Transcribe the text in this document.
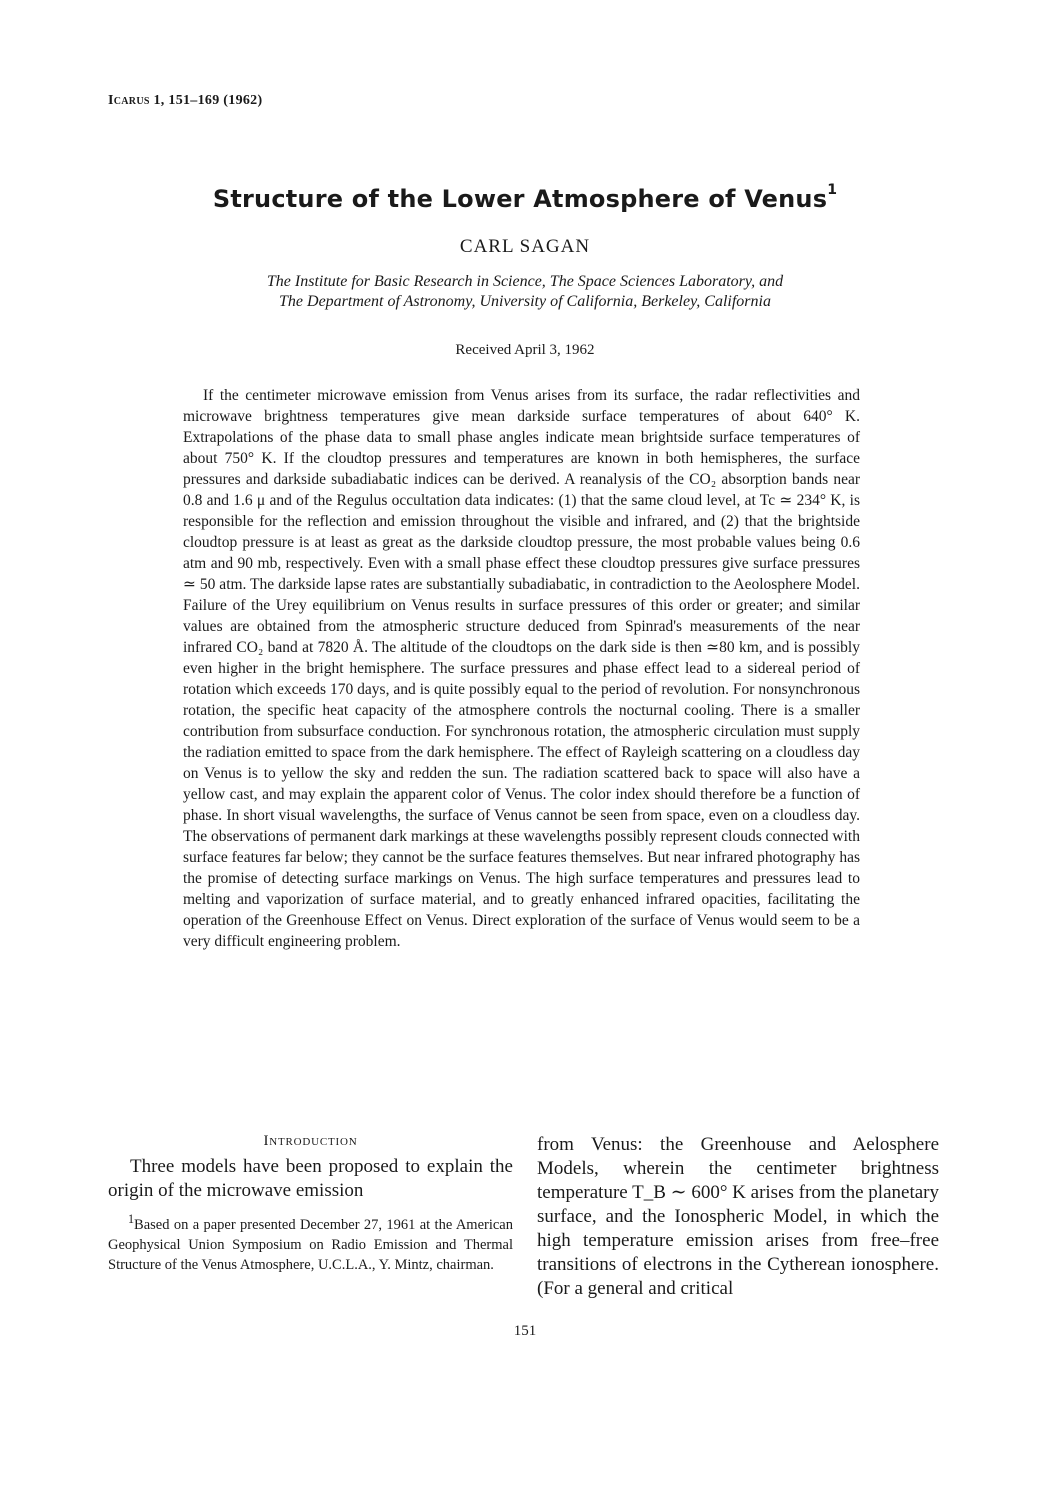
Icarus 1, 151–169 (1962)
Structure of the Lower Atmosphere of Venus$^1$
CARL SAGAN
The Institute for Basic Research in Science, The Space Sciences Laboratory, and
The Department of Astronomy, University of California, Berkeley, California
Received April 3, 1962

If the centimeter microwave emission from Venus arises from its surface, the radar reflectivities and microwave brightness temperatures give mean darkside surface temperatures of about 640° K. Extrapolations of the phase data to small phase angles indicate mean brightside surface temperatures of about 750° K. If the cloudtop pressures and temperatures are known in both hemispheres, the surface pressures and darkside subadiabatic indices can be derived. A reanalysis of the CO₂ absorption bands near 0.8 and 1.6 μ and of the Regulus occultation data indicates: (1) that the same cloud level, at Tc ≃ 234° K, is responsible for the reflection and emission throughout the visible and infrared, and (2) that the brightside cloudtop pressure is at least as great as the darkside cloudtop pressure, the most probable values being 0.6 atm and 90 mb, respectively. Even with a small phase effect these cloudtop pressures give surface pressures ≃ 50 atm. The darkside lapse rates are substantially subadiabatic, in contradiction to the Aeolosphere Model. Failure of the Urey equilibrium on Venus results in surface pressures of this order or greater; and similar values are obtained from the atmospheric structure deduced from Spinrad's measurements of the near infrared CO₂ band at 7820 Å. The altitude of the cloudtops on the dark side is then ≃80 km, and is possibly even higher in the bright hemisphere. The surface pressures and phase effect lead to a sidereal period of rotation which exceeds 170 days, and is quite possibly equal to the period of revolution. For nonsynchronous rotation, the specific heat capacity of the atmosphere controls the nocturnal cooling. There is a smaller contribution from subsurface conduction. For synchronous rotation, the atmospheric circulation must supply the radiation emitted to space from the dark hemisphere. The effect of Rayleigh scattering on a cloudless day on Venus is to yellow the sky and redden the sun. The radiation scattered back to space will also have a yellow cast, and may explain the apparent color of Venus. The color index should therefore be a function of phase. In short visual wavelengths, the surface of Venus cannot be seen from space, even on a cloudless day. The observations of permanent dark markings at these wavelengths possibly represent clouds connected with surface features far below; they cannot be the surface features themselves. But near infrared photography has the promise of detecting surface markings on Venus. The high surface temperatures and pressures lead to melting and vaporization of surface material, and to greatly enhanced infrared opacities, facilitating the operation of the Greenhouse Effect on Venus. Direct exploration of the surface of Venus would seem to be a very difficult engineering problem.

Introduction

Three models have been proposed to explain the origin of the microwave emission

$^1$Based on a paper presented December 27, 1961 at the American Geophysical Union Symposium on Radio Emission and Thermal Structure of the Venus Atmosphere, U.C.L.A., Y. Mintz, chairman.

from Venus: the Greenhouse and Aelosphere Models, wherein the centimeter brightness temperature T_B ∼ 600° K arises from the planetary surface, and the Ionospheric Model, in which the high temperature emission arises from free–free transitions of electrons in the Cytherean ionosphere. (For a general and critical

151
